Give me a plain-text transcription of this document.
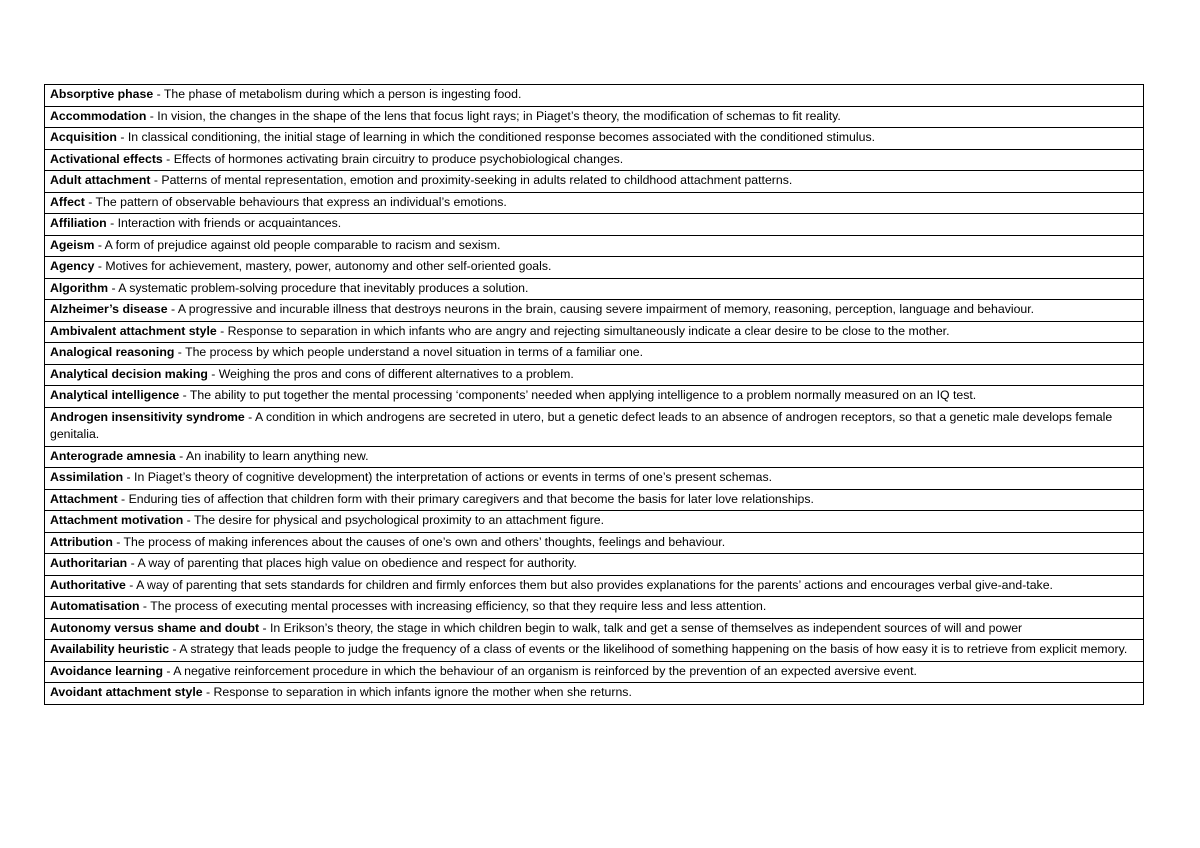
Absorptive phase - The phase of metabolism during which a person is ingesting food.
Accommodation - In vision, the changes in the shape of the lens that focus light rays; in Piaget’s theory, the modification of schemas to fit reality.
Acquisition - In classical conditioning, the initial stage of learning in which the conditioned response becomes associated with the conditioned stimulus.
Activational effects - Effects of hormones activating brain circuitry to produce psychobiological changes.
Adult attachment - Patterns of mental representation, emotion and proximity-seeking in adults related to childhood attachment patterns.
Affect - The pattern of observable behaviours that express an individual’s emotions.
Affiliation - Interaction with friends or acquaintances.
Ageism - A form of prejudice against old people comparable to racism and sexism.
Agency - Motives for achievement, mastery, power, autonomy and other self-oriented goals.
Algorithm - A systematic problem-solving procedure that inevitably produces a solution.
Alzheimer’s disease - A progressive and incurable illness that destroys neurons in the brain, causing severe impairment of memory, reasoning, perception, language and behaviour.
Ambivalent attachment style - Response to separation in which infants who are angry and rejecting simultaneously indicate a clear desire to be close to the mother.
Analogical reasoning - The process by which people understand a novel situation in terms of a familiar one.
Analytical decision making - Weighing the pros and cons of different alternatives to a problem.
Analytical intelligence - The ability to put together the mental processing ‘components’ needed when applying intelligence to a problem normally measured on an IQ test.
Androgen insensitivity syndrome - A condition in which androgens are secreted in utero, but a genetic defect leads to an absence of androgen receptors, so that a genetic male develops female genitalia.
Anterograde amnesia - An inability to learn anything new.
Assimilation - In Piaget’s theory of cognitive development) the interpretation of actions or events in terms of one’s present schemas.
Attachment - Enduring ties of affection that children form with their primary caregivers and that become the basis for later love relationships.
Attachment motivation - The desire for physical and psychological proximity to an attachment figure.
Attribution - The process of making inferences about the causes of one’s own and others’ thoughts, feelings and behaviour.
Authoritarian - A way of parenting that places high value on obedience and respect for authority.
Authoritative - A way of parenting that sets standards for children and firmly enforces them but also provides explanations for the parents’ actions and encourages verbal give-and-take.
Automatisation - The process of executing mental processes with increasing efficiency, so that they require less and less attention.
Autonomy versus shame and doubt - In Erikson’s theory, the stage in which children begin to walk, talk and get a sense of themselves as independent sources of will and power
Availability heuristic - A strategy that leads people to judge the frequency of a class of events or the likelihood of something happening on the basis of how easy it is to retrieve from explicit memory.
Avoidance learning - A negative reinforcement procedure in which the behaviour of an organism is reinforced by the prevention of an expected aversive event.
Avoidant attachment style - Response to separation in which infants ignore the mother when she returns.
